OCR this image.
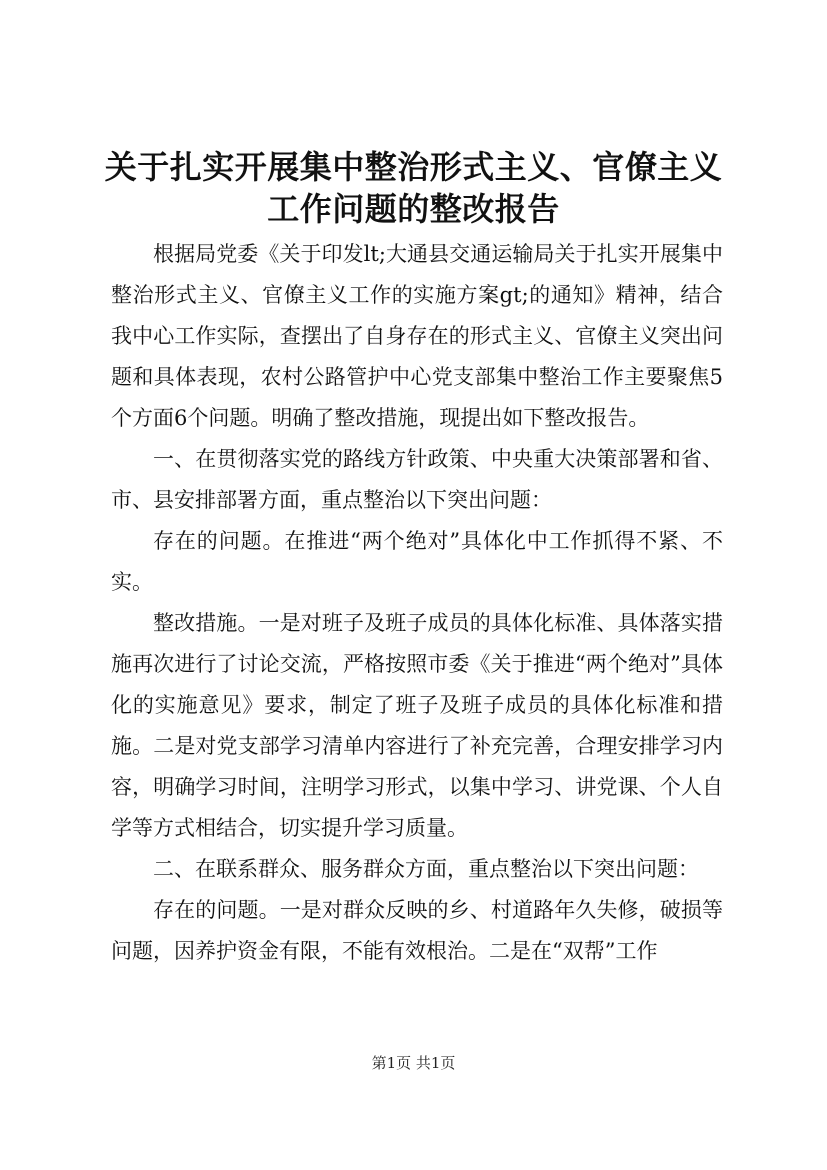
关于扎实开展集中整治形式主义、官僚主义工作问题的整改报告

根据局党委《关于印发lt;大通县交通运输局关于扎实开展集中整治形式主义、官僚主义工作的实施方案gt;的通知》精神，结合我中心工作实际，查摆出了自身存在的形式主义、官僚主义突出问题和具体表现，农村公路管护中心党支部集中整治工作主要聚焦5个方面6个问题。明确了整改措施，现提出如下整改报告。

一、在贯彻落实党的路线方针政策、中央重大决策部署和省、市、县安排部署方面，重点整治以下突出问题：

存在的问题。在推进“两个绝对”具体化中工作抓得不紧、不实。

整改措施。一是对班子及班子成员的具体化标准、具体落实措施再次进行了讨论交流，严格按照市委《关于推进“两个绝对”具体化的实施意见》要求，制定了班子及班子成员的具体化标准和措施。二是对党支部学习清单内容进行了补充完善，合理安排学习内容，明确学习时间，注明学习形式，以集中学习、讲党课、个人自学等方式相结合，切实提升学习质量。

二、在联系群众、服务群众方面，重点整治以下突出问题：

存在的问题。一是对群众反映的乡、村道路年久失修，破损等问题，因养护资金有限，不能有效根治。二是在“双帮”工作

第1页 共1页
